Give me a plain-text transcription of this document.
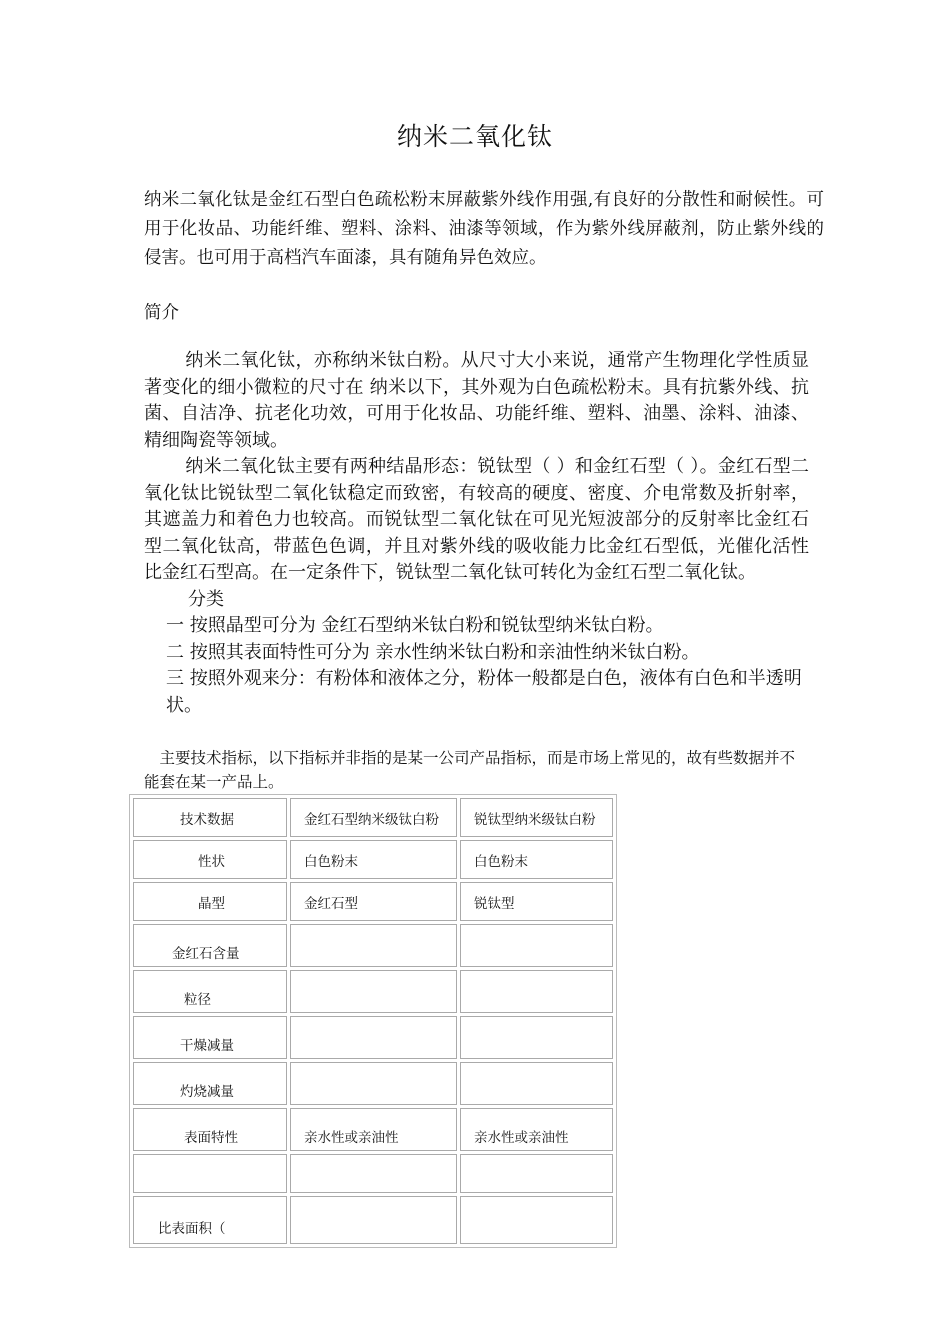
纳米二氧化钛
纳米二氧化钛是金红石型白色疏松粉末屏蔽紫外线作用强,有良好的分散性和耐候性。可用于化妆品、功能纤维、塑料、涂料、油漆等领域，作为紫外线屏蔽剂，防止紫外线的侵害。也可用于高档汽车面漆，具有随角异色效应。
简介
纳米二氧化钛，亦称纳米钛白粉。从尺寸大小来说，通常产生物理化学性质显著变化的细小微粒的尺寸在 纳米以下，其外观为白色疏松粉末。具有抗紫外线、抗菌、自洁净、抗老化功效，可用于化妆品、功能纤维、塑料、油墨、涂料、油漆、精细陶瓷等领域。
纳米二氧化钛主要有两种结晶形态：锐钛型（ ）和金红石型（ ）。金红石型二氧化钛比锐钛型二氧化钛稳定而致密，有较高的硬度、密度、介电常数及折射率，其遮盖力和着色力也较高。而锐钛型二氧化钛在可见光短波部分的反射率比金红石型二氧化钛高，带蓝色色调，并且对紫外线的吸收能力比金红石型低，光催化活性比金红石型高。在一定条件下，锐钛型二氧化钛可转化为金红石型二氧化钛。
分类
一 按照晶型可分为 金红石型纳米钛白粉和锐钛型纳米钛白粉。
二 按照其表面特性可分为 亲水性纳米钛白粉和亲油性纳米钛白粉。
三 按照外观来分：有粉体和液体之分，粉体一般都是白色，液体有白色和半透明状。
主要技术指标，以下指标并非指的是某一公司产品指标，而是市场上常见的，故有些数据并不能套在某一产品上。
技术数据	金红石型纳米级钛白粉	锐钛型纳米级钛白粉
性状	白色粉末	白色粉末
晶型	金红石型	锐钛型
金红石含量		
粒径		
干燥减量		
灼烧减量		
表面特性	亲水性或亲油性	亲水性或亲油性

比表面积（		
